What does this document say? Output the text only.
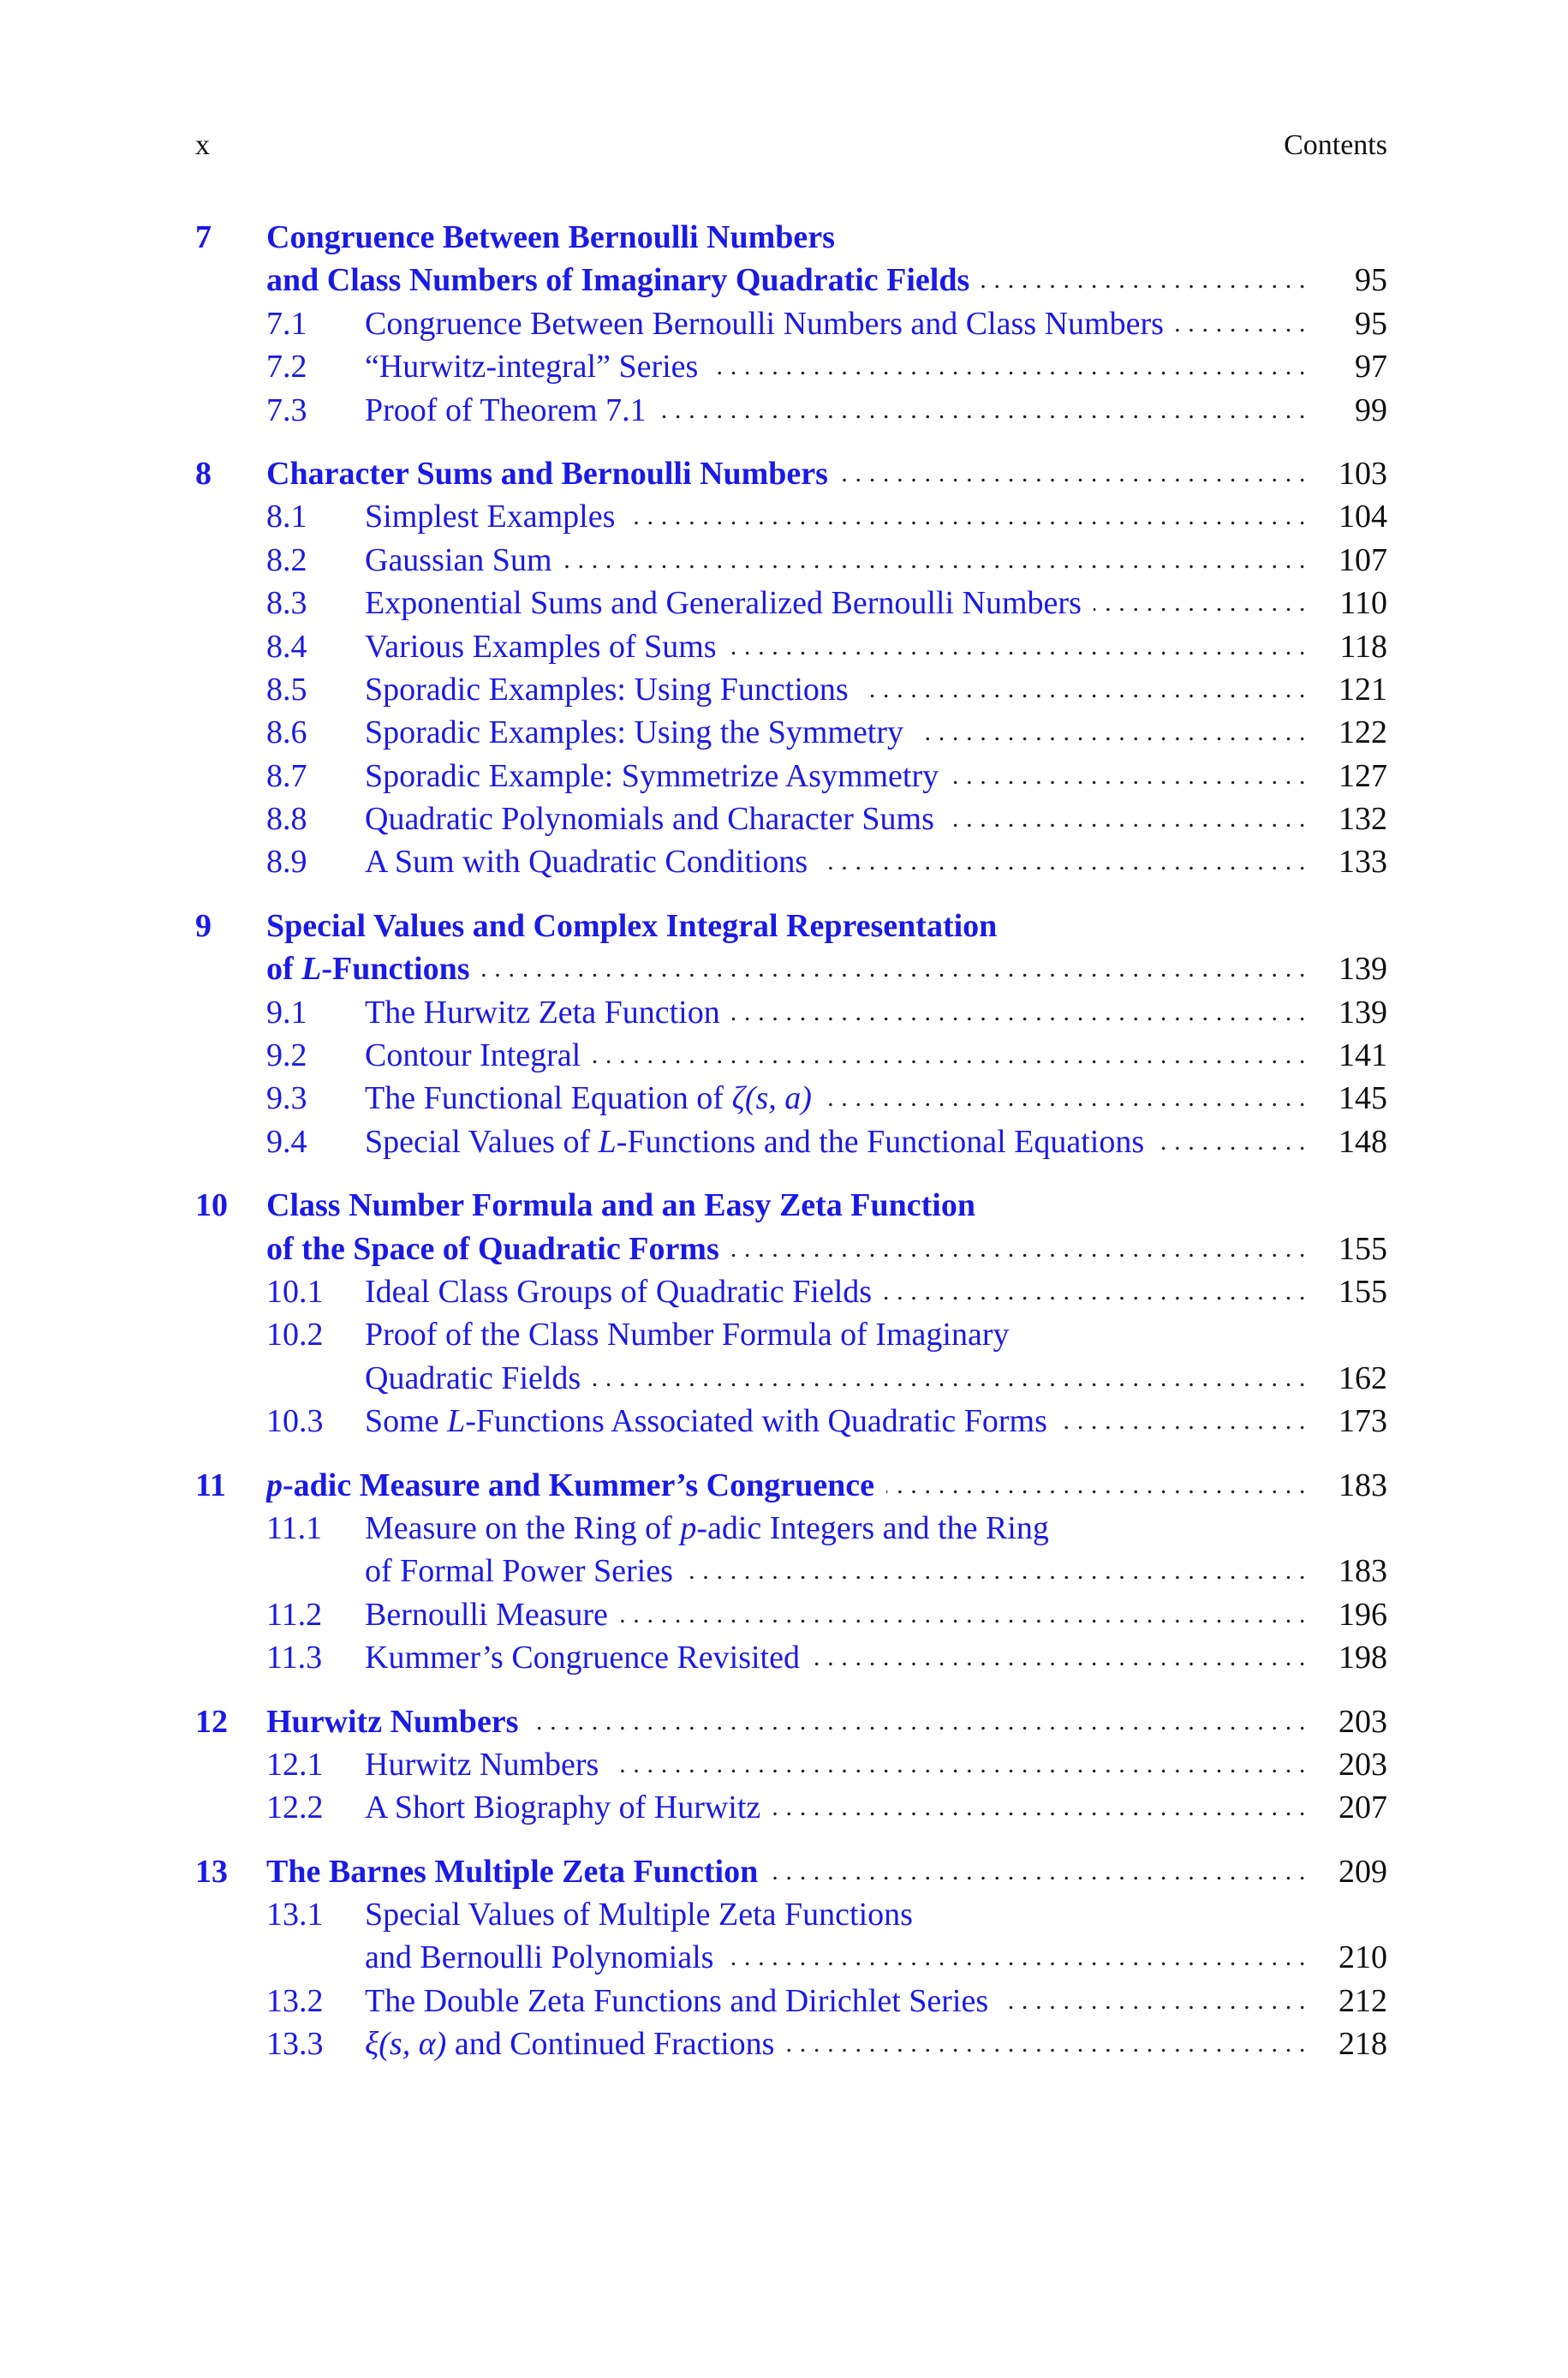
x	Contents
7 Congruence Between Bernoulli Numbers
and Class Numbers of Imaginary Quadratic Fields . . .	95
7.1 Congruence Between Bernoulli Numbers and Class Numbers . . .	95
7.2 “Hurwitz-integral” Series . . .	97
7.3 Proof of Theorem 7.1 . . .	99
8 Character Sums and Bernoulli Numbers . . .	103
8.1 Simplest Examples . . .	104
8.2 Gaussian Sum . . .	107
8.3 Exponential Sums and Generalized Bernoulli Numbers . . .	110
8.4 Various Examples of Sums . . .	118
8.5 Sporadic Examples: Using Functions . . .	121
8.6 Sporadic Examples: Using the Symmetry . . .	122
8.7 Sporadic Example: Symmetrize Asymmetry . . .	127
8.8 Quadratic Polynomials and Character Sums . . .	132
8.9 A Sum with Quadratic Conditions . . .	133
9 Special Values and Complex Integral Representation
of L-Functions . . .	139
9.1 The Hurwitz Zeta Function . . .	139
9.2 Contour Integral . . .	141
9.3 The Functional Equation of ζ(s, a) . . .	145
9.4 Special Values of L-Functions and the Functional Equations . . .	148
10 Class Number Formula and an Easy Zeta Function
of the Space of Quadratic Forms . . .	155
10.1 Ideal Class Groups of Quadratic Fields . . .	155
10.2 Proof of the Class Number Formula of Imaginary
Quadratic Fields . . .	162
10.3 Some L-Functions Associated with Quadratic Forms . . .	173
11 p-adic Measure and Kummer’s Congruence . . .	183
11.1 Measure on the Ring of p-adic Integers and the Ring
of Formal Power Series . . .	183
11.2 Bernoulli Measure . . .	196
11.3 Kummer’s Congruence Revisited . . .	198
12 Hurwitz Numbers . . .	203
12.1 Hurwitz Numbers . . .	203
12.2 A Short Biography of Hurwitz . . .	207
13 The Barnes Multiple Zeta Function . . .	209
13.1 Special Values of Multiple Zeta Functions
and Bernoulli Polynomials . . .	210
13.2 The Double Zeta Functions and Dirichlet Series . . .	212
13.3 ξ(s, α) and Continued Fractions . . .	218
